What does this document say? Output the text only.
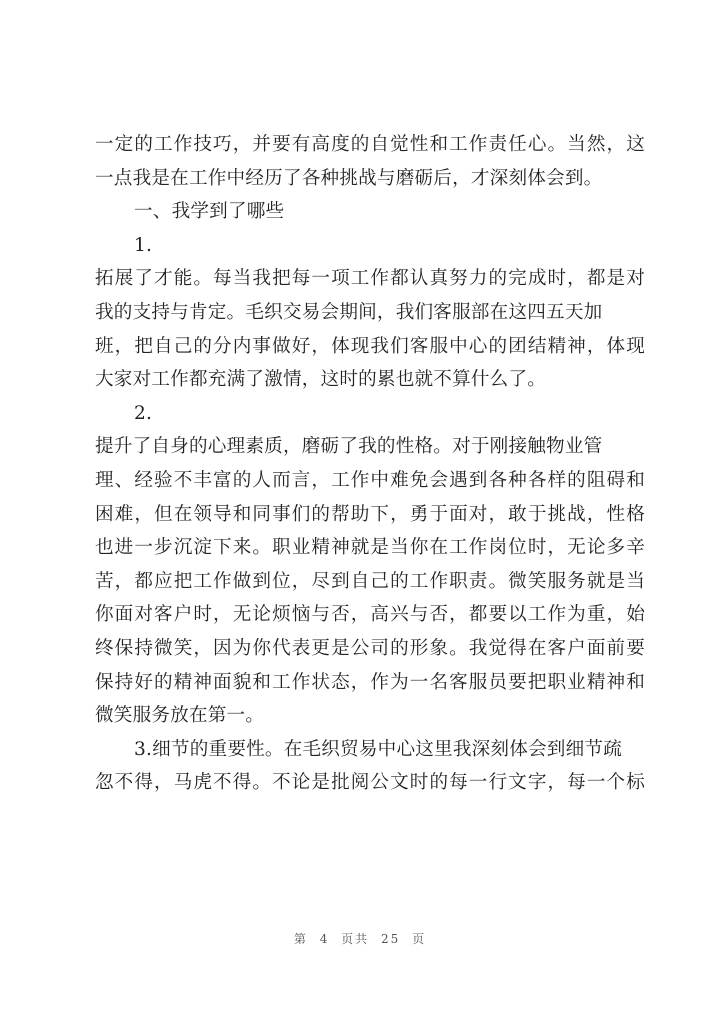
一定的工作技巧，并要有高度的自觉性和工作责任心。当然，这
一点我是在工作中经历了各种挑战与磨砺后，才深刻体会到。
一、我学到了哪些
1.
拓展了才能。每当我把每一项工作都认真努力的完成时，都是对
我的支持与肯定。毛织交易会期间，我们客服部在这四五天加
班，把自己的分内事做好，体现我们客服中心的团结精神，体现
大家对工作都充满了激情，这时的累也就不算什么了。
2.
提升了自身的心理素质，磨砺了我的性格。对于刚接触物业管
理、经验不丰富的人而言，工作中难免会遇到各种各样的阻碍和
困难，但在领导和同事们的帮助下，勇于面对，敢于挑战，性格
也进一步沉淀下来。职业精神就是当你在工作岗位时，无论多辛
苦，都应把工作做到位，尽到自己的工作职责。微笑服务就是当
你面对客户时，无论烦恼与否，高兴与否，都要以工作为重，始
终保持微笑，因为你代表更是公司的形象。我觉得在客户面前要
保持好的精神面貌和工作状态，作为一名客服员要把职业精神和
微笑服务放在第一。
3.细节的重要性。在毛织贸易中心这里我深刻体会到细节疏
忽不得，马虎不得。不论是批阅公文时的每一行文字，每一个标
第 4 页共 25 页
